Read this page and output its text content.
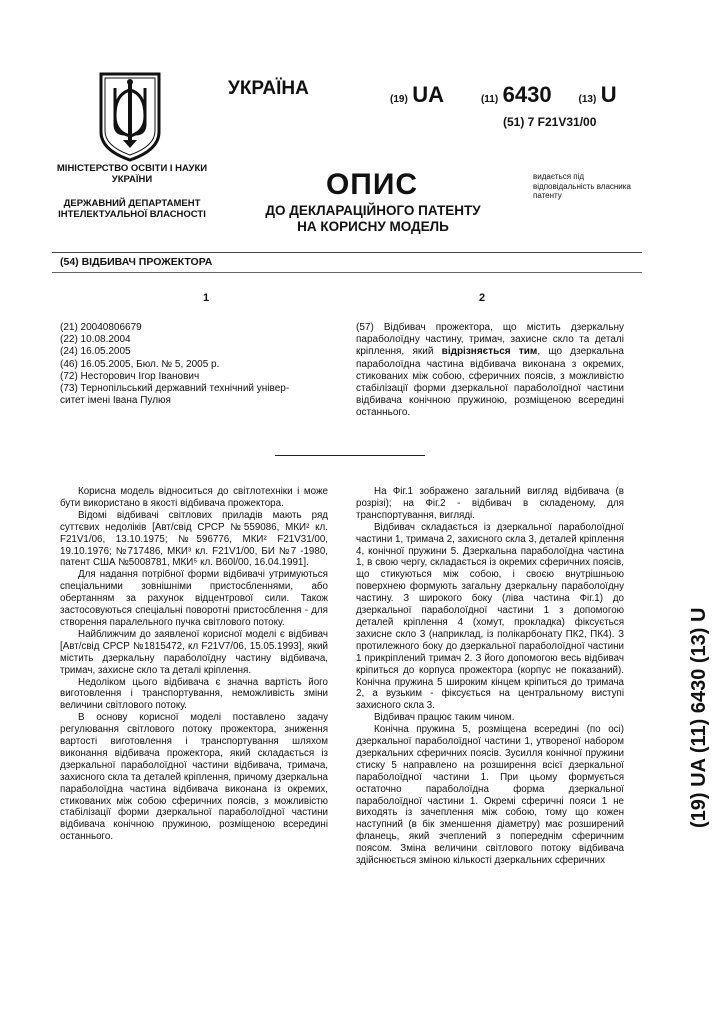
МІНІСТЕРСТВО ОСВІТИ І НАУКИ УКРАЇНИ
ДЕРЖАВНИЙ ДЕПАРТАМЕНТ ІНТЕЛЕКТУАЛЬНОЇ ВЛАСНОСТІ
УКРАЇНА
(19) UA	(11) 6430	(13) U
(51) 7 F21V31/00
ОПИС
ДО ДЕКЛАРАЦІЙНОГО ПАТЕНТУ
НА КОРИСНУ МОДЕЛЬ
видається під відповідальність власника патенту
(54) ВІДБИВАЧ ПРОЖЕКТОРА
1	2
(21) 20040806679
(22) 10.08.2004
(24) 16.05.2005
(46) 16.05.2005, Бюл. № 5, 2005 р.
(72) Несторович Ігор Іванович
(73) Тернопільський державний технічний універ-
ситет імені Івана Пулюя
(57) Відбивач прожектора, що містить дзеркальну параболоїдну частину, тримач, захисне скло та деталі кріплення, який відрізняється тим, що дзеркальна параболоїдна частина відбивача виконана з окремих, стикованих між собою, сферичних поясів, з можливістю стабілізації форми дзеркальної параболоїдної частини відбивача конічною пружиною, розміщеною всередині останнього.

Корисна модель відноситься до світлотехніки і може бути використано в якості відбивача прожектора.

Відомі відбивачі світлових приладів мають ряд суттєвих недоліків [Авт/свід СРСР №559086, МКИ² кл. F21V1/06, 13.10.1975; №596776, МКИ² F21V31/00, 19.10.1976; №717486, МКИ³ кл. F21V1/00, БИ №7 -1980, патент США №5008781, МКИ⁵ кл. B60l/00, 16.04.1991].

Для надання потрібної форми відбивачі утримуються спеціальними зовнішніми пристосбленнями, або обертанням за рахунок відцентрової сили. Також застосовуються спеціальні поворотні пристосблення - для створення паралельного пучка світлового потоку.

Найближчим до заявленої корисної моделі є відбивач [Авт/свід СРСР №1815472, кл F21V7/06, 15.05.1993], який містить дзеркальну параболоїдну частину відбивача, тримач, захисне скло та деталі кріплення.

Недоліком цього відбивача є значна вартість його виготовлення і транспортування, неможливість зміни величини світлового потоку.

В основу корисної моделі поставлено задачу регулювання світлового потоку прожектора, зниження вартості виготовлення і транспортування шляхом виконання відбивача прожектора, який складається із дзеркальної параболоїдної частини відбивача, тримача, захисного скла та деталей кріплення, причому дзеркальна параболоїдна частина відбивача виконана із окремих, стикованих між собою сферичних поясів, з можливістю стабілізації форми дзеркальної параболоїдної частини відбивача конічною пружиною, розміщеною всередині останнього.

На Фіг.1 зображено загальний вигляд відбивача (в розрізі); на Фіг.2 - відбивач в складеному, для транспортування, вигляді.

Відбивач складається із дзеркальної параболоїдної частини 1, тримача 2, захисного скла 3, деталей кріплення 4, конічної пружини 5. Дзеркальна параболоїдна частина 1, в свою чергу, складається із окремих сферичних поясів, що стикуються між собою, і своєю внутрішньою поверхнею формують загальну дзеркальну параболоїдну частину. З широкого боку (ліва частина Фіг.1) до дзеркальної параболоїдної частини 1 з допомогою деталей кріплення 4 (хомут, прокладка) фіксується захисне скло 3 (наприклад, із полікарбонату ПК2, ПК4). З протилежного боку до дзеркальної параболоїдної частини 1 прикріплений тримач 2. З його допомогою весь відбивач кріпиться до корпуса прожектора (корпус не показаний). Конічна пружина 5 широким кінцем кріпиться до тримача 2, а вузьким - фіксується на центральному виступі захисного скла 3.

Відбивач працює таким чином.

Конічна пружина 5, розміщена всередині (по осі) дзеркальної параболоїдної частини 1, утвореної набором дзеркальних сферичних поясів. Зусилля конічної пружини стиску 5 направлено на розширення всієї дзеркальної параболоїдної частини 1. При цьому формується остаточно параболоїдна форма дзеркальної параболоїдної частини 1. Окремі сферичні пояси 1 не виходять із зачеплення між собою, тому що кожен наступний (в бік зменшення діаметру) має розширений фланець, який зчеплений з попереднім сферичним поясом. Зміна величини світлового потоку відбивача здійснюється зміною кількості дзеркальних сферичних

(19) UA (11) 6430 (13) U
